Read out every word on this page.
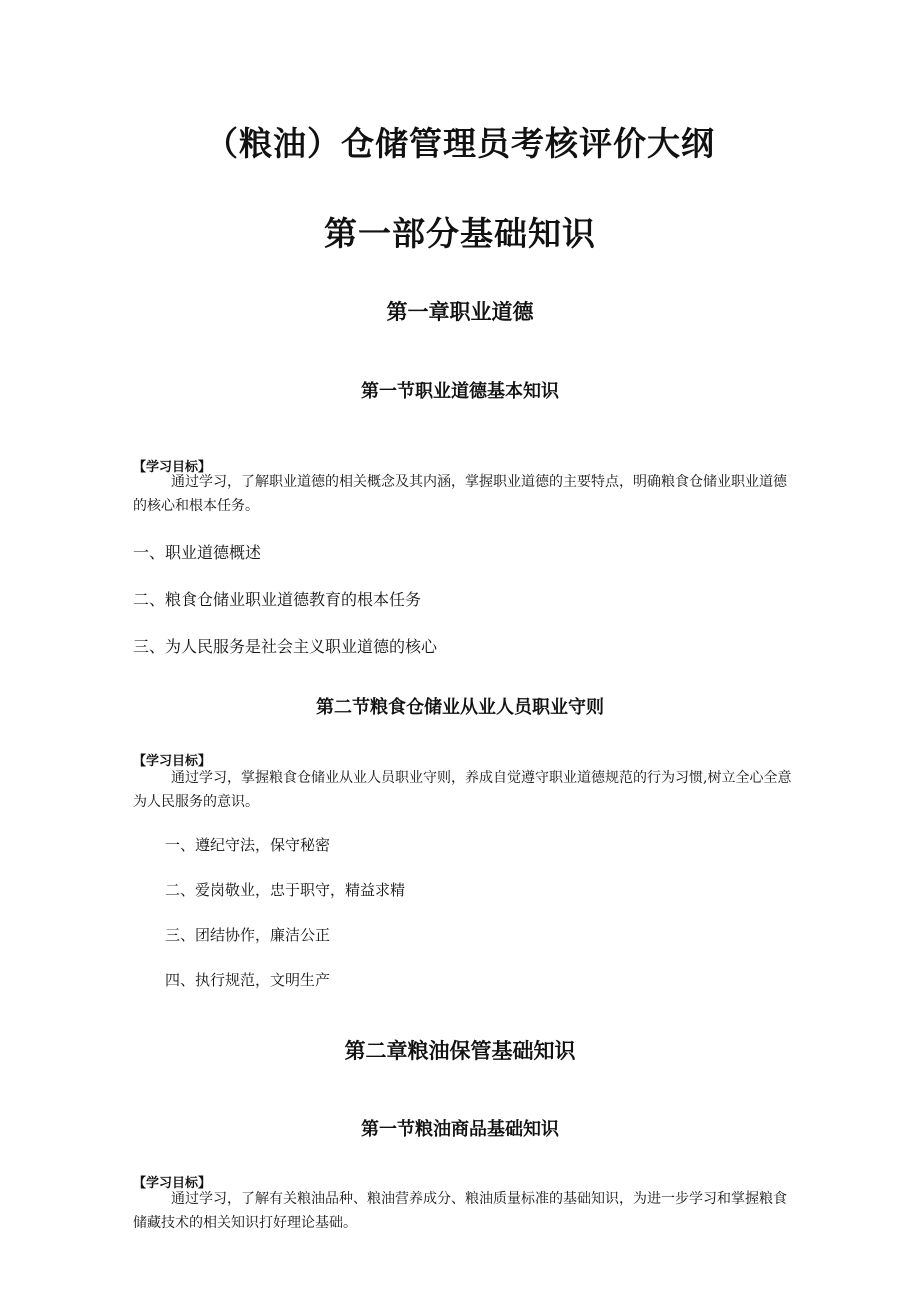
（粮油）仓储管理员考核评价大纲
第一部分基础知识
第一章职业道德
第一节职业道德基本知识
【学习目标】

通过学习，了解职业道德的相关概念及其内涵，掌握职业道德的主要特点，明确粮食仓储业职业道德的核心和根本任务。

一、职业道德概述
二、粮食仓储业职业道德教育的根本任务
三、为人民服务是社会主义职业道德的核心
第二节粮食仓储业从业人员职业守则
【学习目标】

通过学习，掌握粮食仓储业从业人员职业守则，养成自觉遵守职业道德规范的行为习惯,树立全心全意为人民服务的意识。

一、遵纪守法，保守秘密
二、爱岗敬业，忠于职守，精益求精
三、团结协作，廉洁公正
四、执行规范，文明生产
第二章粮油保管基础知识
第一节粮油商品基础知识
【学习目标】

通过学习，了解有关粮油品种、粮油营养成分、粮油质量标准的基础知识，为进一步学习和掌握粮食储藏技术的相关知识打好理论基础。
